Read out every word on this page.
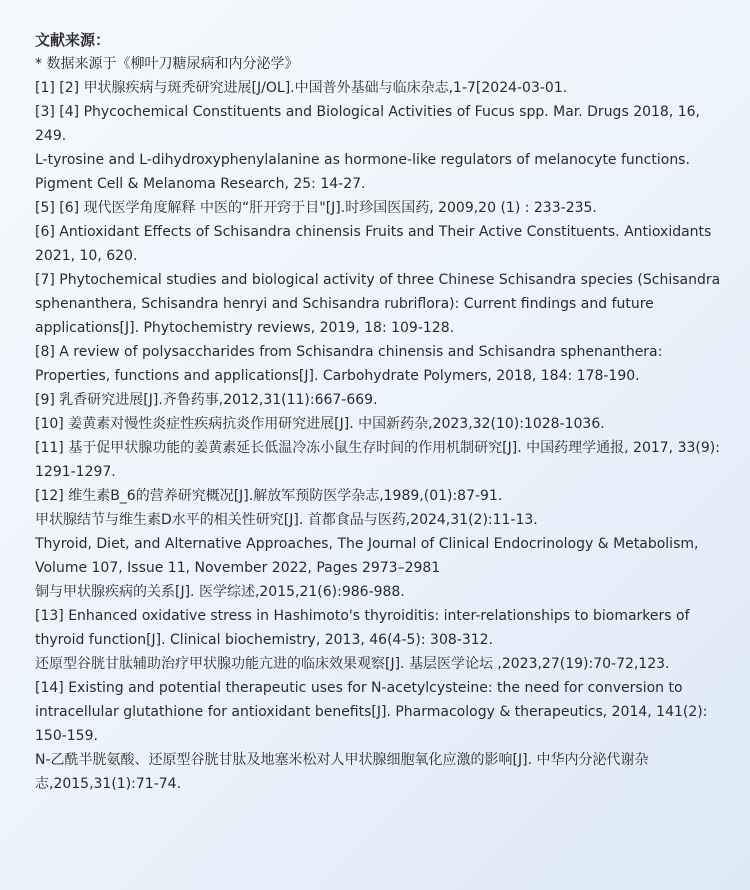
文献来源：

* 数据来源于《柳叶刀糖尿病和内分泌学》

[1] [2] 甲状腺疾病与斑秃研究进展[J/OL].中国普外基础与临床杂志,1-7[2024-03-01.

[3] [4] Phycochemical Constituents and Biological Activities of Fucus spp. Mar. Drugs 2018, 16, 249.

L-tyrosine and L-dihydroxyphenylalanine as hormone-like regulators of melanocyte functions. Pigment Cell & Melanoma Research, 25: 14-27.

[5] [6] 现代医学角度解释 中医的“肝开窍于目"[J].时珍国医国药, 2009,20 (1) : 233-235.

[6] Antioxidant Effects of Schisandra chinensis Fruits and Their Active Constituents. Antioxidants 2021, 10, 620.

[7] Phytochemical studies and biological activity of three Chinese Schisandra species (Schisandra sphenanthera, Schisandra henryi and Schisandra rubriflora): Current findings and future applications[J]. Phytochemistry reviews, 2019, 18: 109-128.

[8] A review of polysaccharides from Schisandra chinensis and Schisandra sphenanthera: Properties, functions and applications[J]. Carbohydrate Polymers, 2018, 184: 178-190.

[9] 乳香研究进展[J].齐鲁药事,2012,31(11):667-669.

[10] 姜黄素对慢性炎症性疾病抗炎作用研究进展[J]. 中国新药杂,2023,32(10):1028-1036.

[11] 基于促甲状腺功能的姜黄素延长低温冷冻小鼠生存时间的作用机制研究[J]. 中国药理学通报, 2017, 33(9): 1291-1297.

[12] 维生素B_6的营养研究概况[J].解放军预防医学杂志,1989,(01):87-91.

甲状腺结节与维生素D水平的相关性研究[J]. 首都食品与医药,2024,31(2):11-13.

Thyroid, Diet, and Alternative Approaches, The Journal of Clinical Endocrinology & Metabolism, Volume 107, Issue 11, November 2022, Pages 2973–2981

铜与甲状腺疾病的关系[J]. 医学综述,2015,21(6):986-988.

[13] Enhanced oxidative stress in Hashimoto's thyroiditis: inter-relationships to biomarkers of thyroid function[J]. Clinical biochemistry, 2013, 46(4-5): 308-312.

还原型谷胱甘肽辅助治疗甲状腺功能亢进的临床效果观察[J]. 基层医学论坛 ,2023,27(19):70-72,123.

[14] Existing and potential therapeutic uses for N-acetylcysteine: the need for conversion to intracellular glutathione for antioxidant benefits[J]. Pharmacology & therapeutics, 2014, 141(2): 150-159.

N-乙酰半胱氨酸、还原型谷胱甘肽及地塞米松对人甲状腺细胞氧化应激的影响[J]. 中华内分泌代谢杂志,2015,31(1):71-74.
